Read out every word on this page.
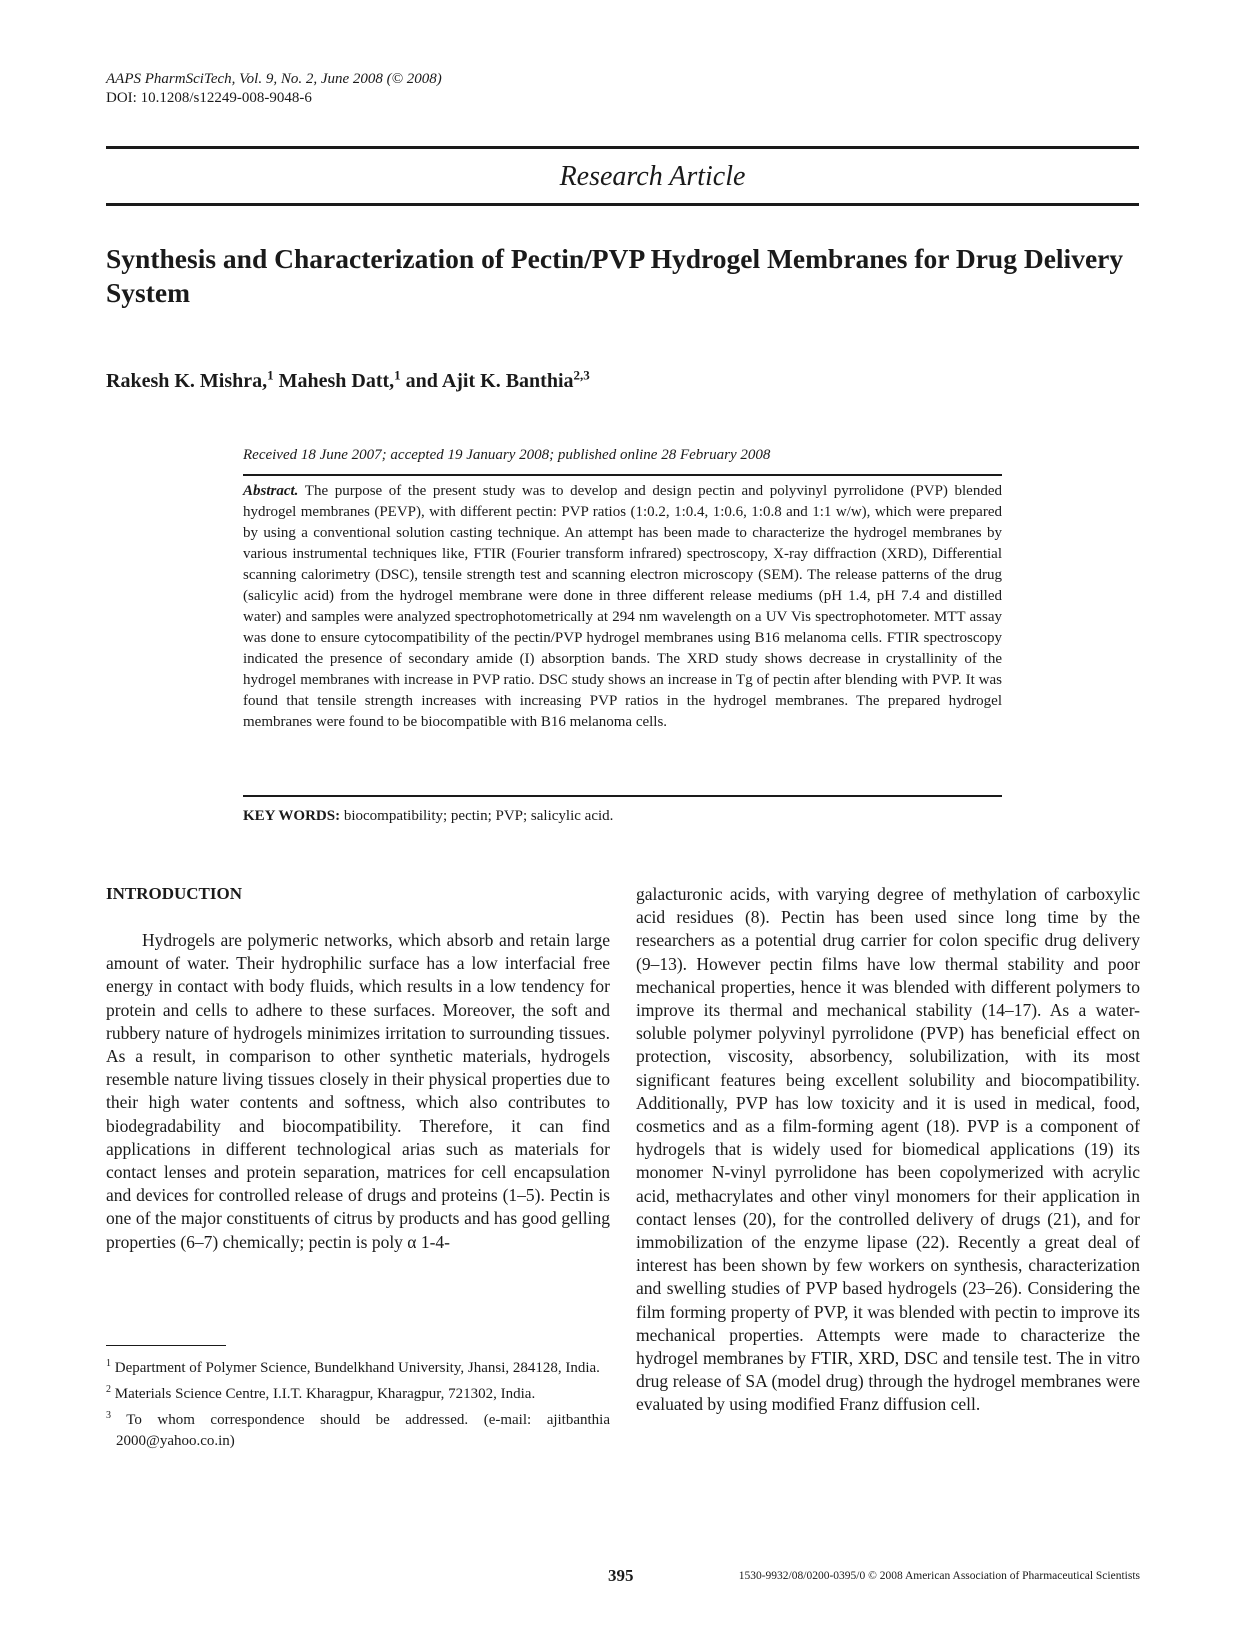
AAPS PharmSciTech, Vol. 9, No. 2, June 2008 (© 2008)
DOI: 10.1208/s12249-008-9048-6
Research Article
Synthesis and Characterization of Pectin/PVP Hydrogel Membranes for Drug Delivery System
Rakesh K. Mishra,$^1$ Mahesh Datt,$^1$ and Ajit K. Banthia$^{2,3}$
Received 18 June 2007; accepted 19 January 2008; published online 28 February 2008
Abstract. The purpose of the present study was to develop and design pectin and polyvinyl pyrrolidone (PVP) blended hydrogel membranes (PEVP), with different pectin: PVP ratios (1:0.2, 1:0.4, 1:0.6, 1:0.8 and 1:1 w/w), which were prepared by using a conventional solution casting technique. An attempt has been made to characterize the hydrogel membranes by various instrumental techniques like, FTIR (Fourier transform infrared) spectroscopy, X-ray diffraction (XRD), Differential scanning calorimetry (DSC), tensile strength test and scanning electron microscopy (SEM). The release patterns of the drug (salicylic acid) from the hydrogel membrane were done in three different release mediums (pH 1.4, pH 7.4 and distilled water) and samples were analyzed spectrophotometrically at 294 nm wavelength on a UV Vis spectrophotometer. MTT assay was done to ensure cytocompatibility of the pectin/PVP hydrogel membranes using B16 melanoma cells. FTIR spectroscopy indicated the presence of secondary amide (I) absorption bands. The XRD study shows decrease in crystallinity of the hydrogel membranes with increase in PVP ratio. DSC study shows an increase in Tg of pectin after blending with PVP. It was found that tensile strength increases with increasing PVP ratios in the hydrogel membranes. The prepared hydrogel membranes were found to be biocompatible with B16 melanoma cells.
KEY WORDS: biocompatibility; pectin; PVP; salicylic acid.
INTRODUCTION

Hydrogels are polymeric networks, which absorb and retain large amount of water. Their hydrophilic surface has a low interfacial free energy in contact with body fluids, which results in a low tendency for protein and cells to adhere to these surfaces. Moreover, the soft and rubbery nature of hydrogels minimizes irritation to surrounding tissues. As a result, in comparison to other synthetic materials, hydrogels resemble nature living tissues closely in their physical properties due to their high water contents and softness, which also contributes to biodegradability and biocompatibility. Therefore, it can find applications in different technological arias such as materials for contact lenses and protein separation, matrices for cell encapsulation and devices for controlled release of drugs and proteins (1–5). Pectin is one of the major constituents of citrus by products and has good gelling properties (6–7) chemically; pectin is poly α 1-4-

galacturonic acids, with varying degree of methylation of carboxylic acid residues (8). Pectin has been used since long time by the researchers as a potential drug carrier for colon specific drug delivery (9–13). However pectin films have low thermal stability and poor mechanical properties, hence it was blended with different polymers to improve its thermal and mechanical stability (14–17). As a water-soluble polymer polyvinyl pyrrolidone (PVP) has beneficial effect on protection, viscosity, absorbency, solubilization, with its most significant features being excellent solubility and biocompatibility. Additionally, PVP has low toxicity and it is used in medical, food, cosmetics and as a film-forming agent (18). PVP is a component of hydrogels that is widely used for biomedical applications (19) its monomer N-vinyl pyrrolidone has been copolymerized with acrylic acid, methacrylates and other vinyl monomers for their application in contact lenses (20), for the controlled delivery of drugs (21), and for immobilization of the enzyme lipase (22). Recently a great deal of interest has been shown by few workers on synthesis, characterization and swelling studies of PVP based hydrogels (23–26). Considering the film forming property of PVP, it was blended with pectin to improve its mechanical properties. Attempts were made to characterize the hydrogel membranes by FTIR, XRD, DSC and tensile test. The in vitro drug release of SA (model drug) through the hydrogel membranes were evaluated by using modified Franz diffusion cell.

$^1$ Department of Polymer Science, Bundelkhand University, Jhansi, 284128, India.
$^2$ Materials Science Centre, I.I.T. Kharagpur, Kharagpur, 721302, India.
$^3$ To whom correspondence should be addressed. (e-mail: ajitbanthia 2000@yahoo.co.in)
395	1530-9932/08/0200-0395/0 © 2008 American Association of Pharmaceutical Scientists
